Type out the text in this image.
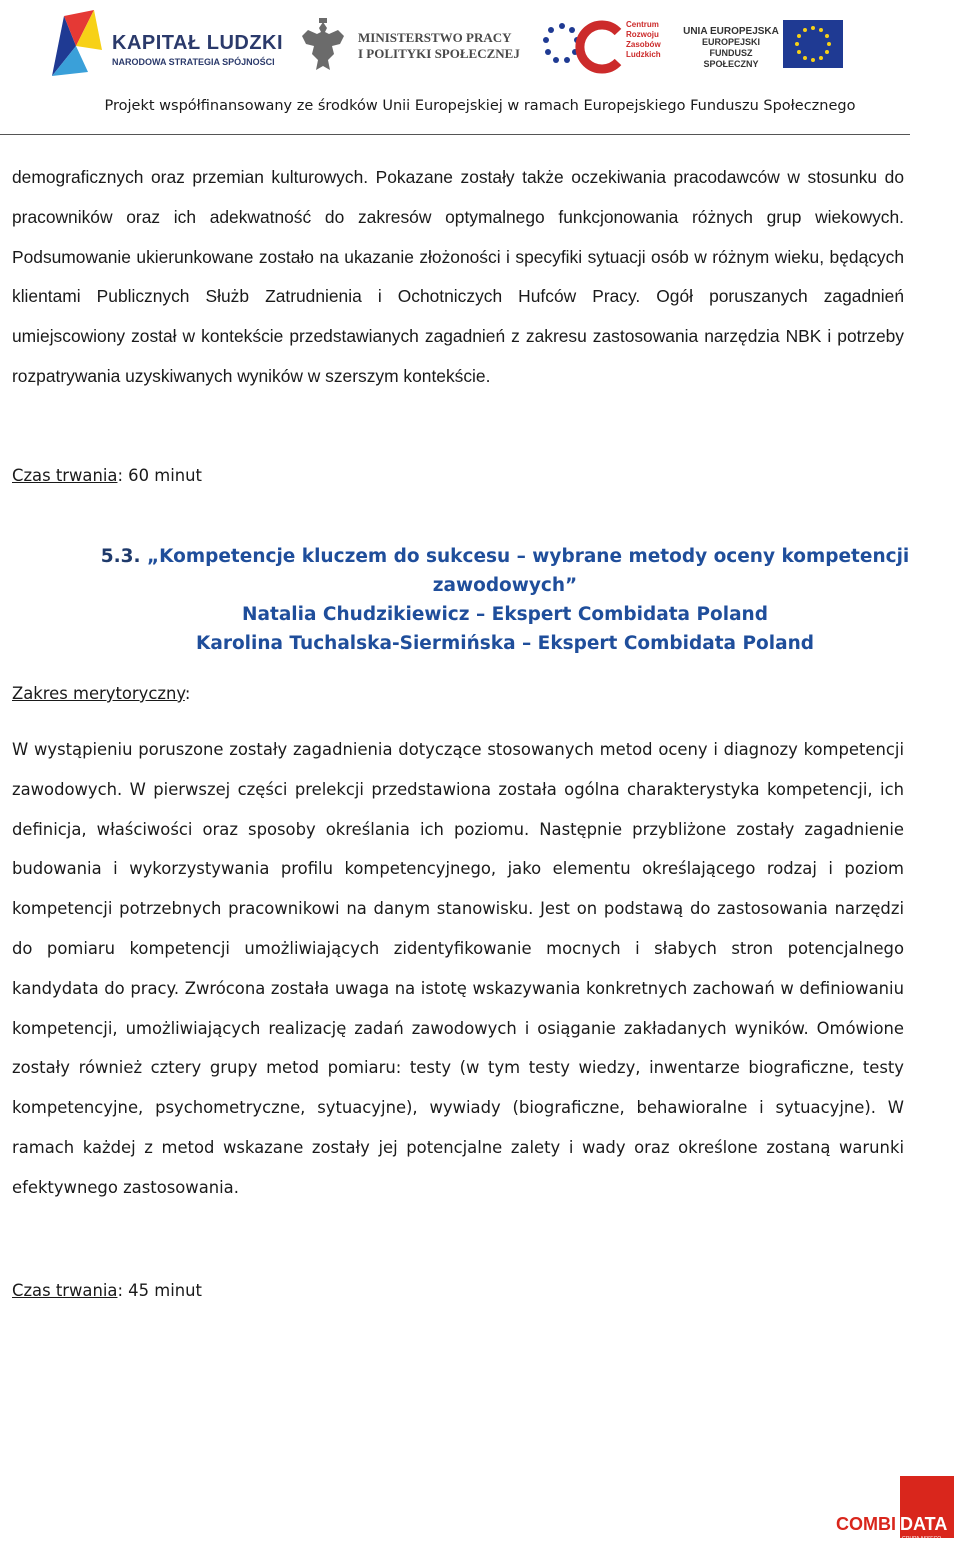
KAPITAŁ LUDZKI
NARODOWA STRATEGIA SPÓJNOŚCI
MINISTERSTWO PRACY
I POLITYKI SPOŁECZNEJ
Centrum
Rozwoju
Zasobów
Ludzkich
UNIA EUROPEJSKA
EUROPEJSKI
FUNDUSZ SPOŁECZNY
Projekt współfinansowany ze środków Unii Europejskiej w ramach Europejskiego Funduszu Społecznego

demograficznych oraz przemian kulturowych. Pokazane zostały także oczekiwania pracodawców w stosunku do pracowników oraz ich adekwatność do zakresów optymalnego funkcjonowania różnych grup wiekowych. Podsumowanie ukierunkowane zostało na ukazanie złożoności i specyfiki sytuacji osób w różnym wieku, będących klientami Publicznych Służb Zatrudnienia i Ochotniczych Hufców Pracy. Ogół poruszanych zagadnień umiejscowiony został w kontekście przedstawianych zagadnień z zakresu zastosowania narzędzia NBK i potrzeby rozpatrywania uzyskiwanych wyników w szerszym kontekście.

Czas trwania: 60 minut
5.3. „Kompetencje kluczem do sukcesu – wybrane metody oceny kompetencji
zawodowych”
Natalia Chudzikiewicz – Ekspert Combidata Poland
Karolina Tuchalska-Siermińska – Ekspert Combidata Poland
Zakres merytoryczny:

W wystąpieniu poruszone zostały zagadnienia dotyczące stosowanych metod oceny i diagnozy kompetencji zawodowych. W pierwszej części prelekcji przedstawiona została ogólna charakterystyka kompetencji, ich definicja, właściwości oraz sposoby określania ich poziomu. Następnie przybliżone zostały zagadnienie budowania i wykorzystywania profilu kompetencyjnego, jako elementu określającego rodzaj i poziom kompetencji potrzebnych pracownikowi na danym stanowisku. Jest on podstawą do zastosowania narzędzi do pomiaru kompetencji umożliwiających zidentyfikowanie mocnych i słabych stron potencjalnego kandydata do pracy. Zwrócona została uwaga na istotę wskazywania konkretnych zachowań w definiowaniu kompetencji, umożliwiających realizację zadań zawodowych i osiąganie zakładanych wyników. Omówione zostały również cztery grupy metod pomiaru: testy (w tym testy wiedzy, inwentarze biograficzne, testy kompetencyjne, psychometryczne, sytuacyjne), wywiady (biograficzne, behawioralne i sytuacyjne). W ramach każdej z metod wskazane zostały jej potencjalne zalety i wady oraz określone zostaną warunki efektywnego zastosowania.

Czas trwania: 45 minut
COMBI DATA
GRUPA ASSECO
